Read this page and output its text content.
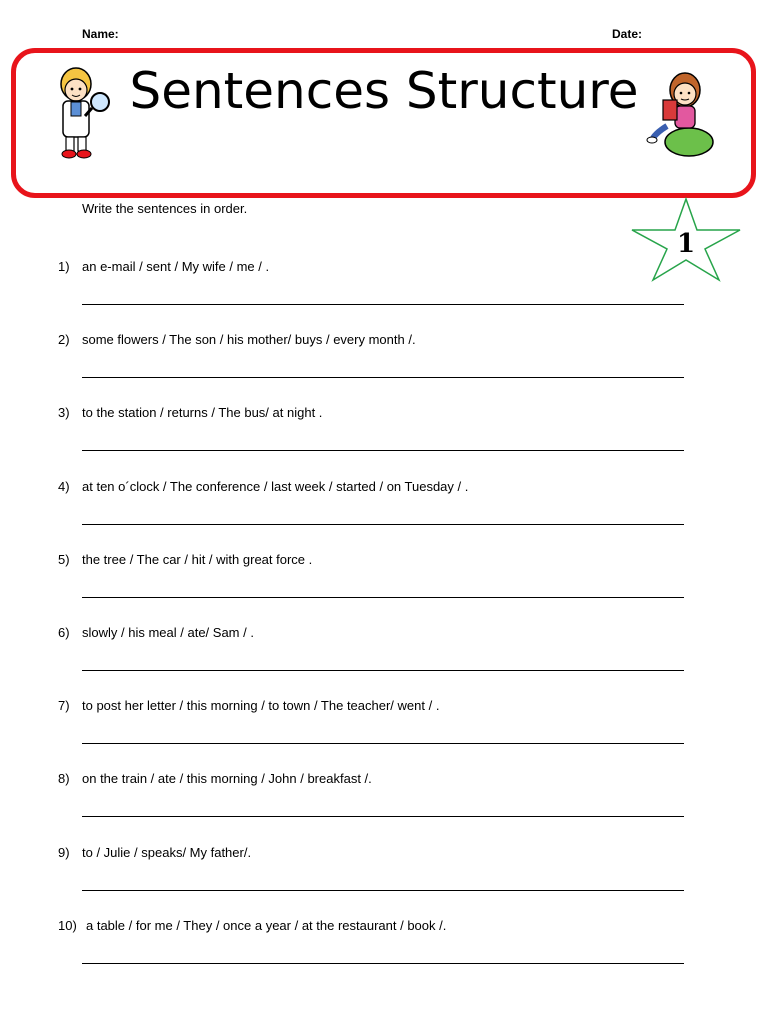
Name:	Date:
Sentences Structure
Write the sentences in order.
1
1) an e-mail / sent / My wife / me / .
2) some flowers / The son / his mother/ buys / every month /.
3) to the station / returns / The bus/ at night .
4) at ten o´clock / The conference / last week / started / on Tuesday / .
5) the tree / The car / hit / with great force .
6) slowly / his meal / ate/ Sam / .
7) to post her letter / this morning / to town / The teacher/ went / .
8) on the train / ate / this morning / John / breakfast /.
9) to / Julie / speaks/ My father/.
10) a table / for me / They / once a year / at the restaurant / book /.
